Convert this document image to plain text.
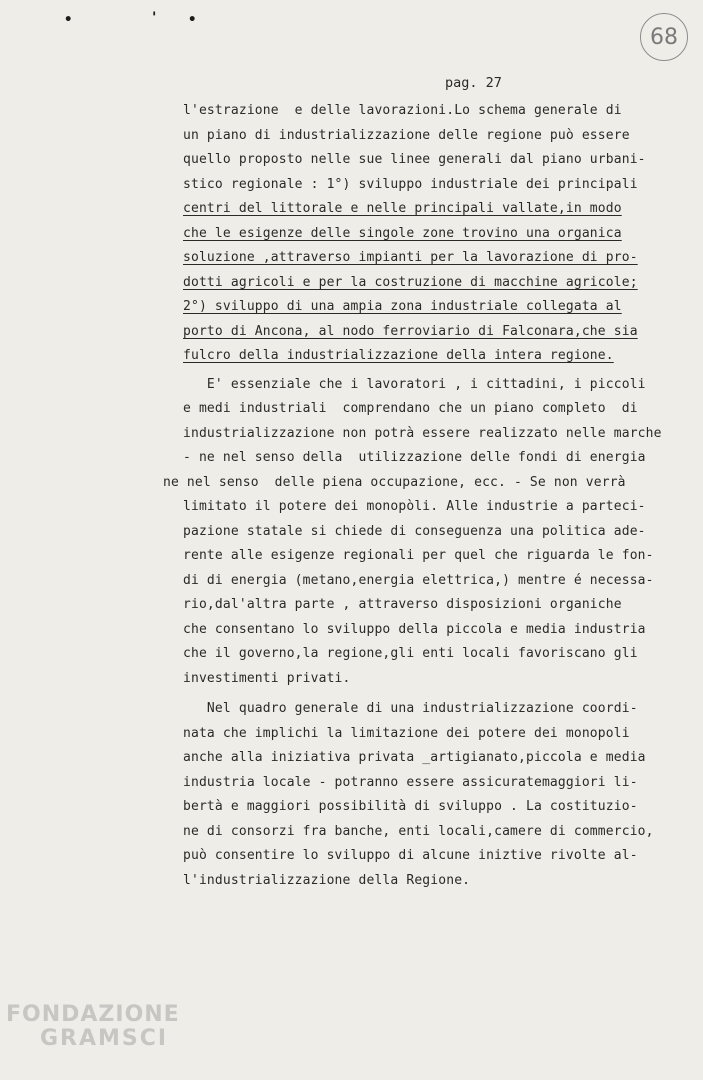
•	' •
68
pag. 27
l'estrazione  e delle lavorazioni.Lo schema generale di
un piano di industrializzazione delle regione può essere
quello proposto nelle sue linee generali dal piano urbani-
stico regionale : 1°) sviluppo industriale dei principali
centri del littorale e nelle principali vallate,in modo
che le esigenze delle singole zone trovino una organica
soluzione ,attraverso impianti per la lavorazione di pro-
dotti agricoli e per la costruzione di macchine agricole;
2°) sviluppo di una ampia zona industriale collegata al
porto di Ancona, al nodo ferroviario di Falconara,che sia
fulcro della industrializzazione della intera regione.
E' essenziale che i lavoratori , i cittadini, i piccoli
e medi industriali  comprendano che un piano completo  di
industrializzazione non potrà essere realizzato nelle marche
- ne nel senso della  utilizzazione delle fondi di energia
ne nel senso  delle piena occupazione, ecc. - Se non verrà
limitato il potere dei monopòli. Alle industrie a parteci-
pazione statale si chiede di conseguenza una politica ade-
rente alle esigenze regionali per quel che riguarda le fon-
di di energia (metano,energia elettrica,) mentre é necessa-
rio,dal'altra parte , attraverso disposizioni organiche
che consentano lo sviluppo della piccola e media industria
che il governo,la regione,gli enti locali favoriscano gli
investimenti privati.
Nel quadro generale di una industrializzazione coordi-
nata che implichi la limitazione dei potere dei monopoli
anche alla iniziativa privata _artigianato,piccola e media
industria locale - potranno essere assicuratemaggiori li-
bertà e maggiori possibilità di sviluppo . La costituzio-
ne di consorzi fra banche, enti locali,camere di commercio,
può consentire lo sviluppo di alcune iniztive rivolte al-
l'industrializzazione della Regione.
FONDAZIONE
GRAMSCI
